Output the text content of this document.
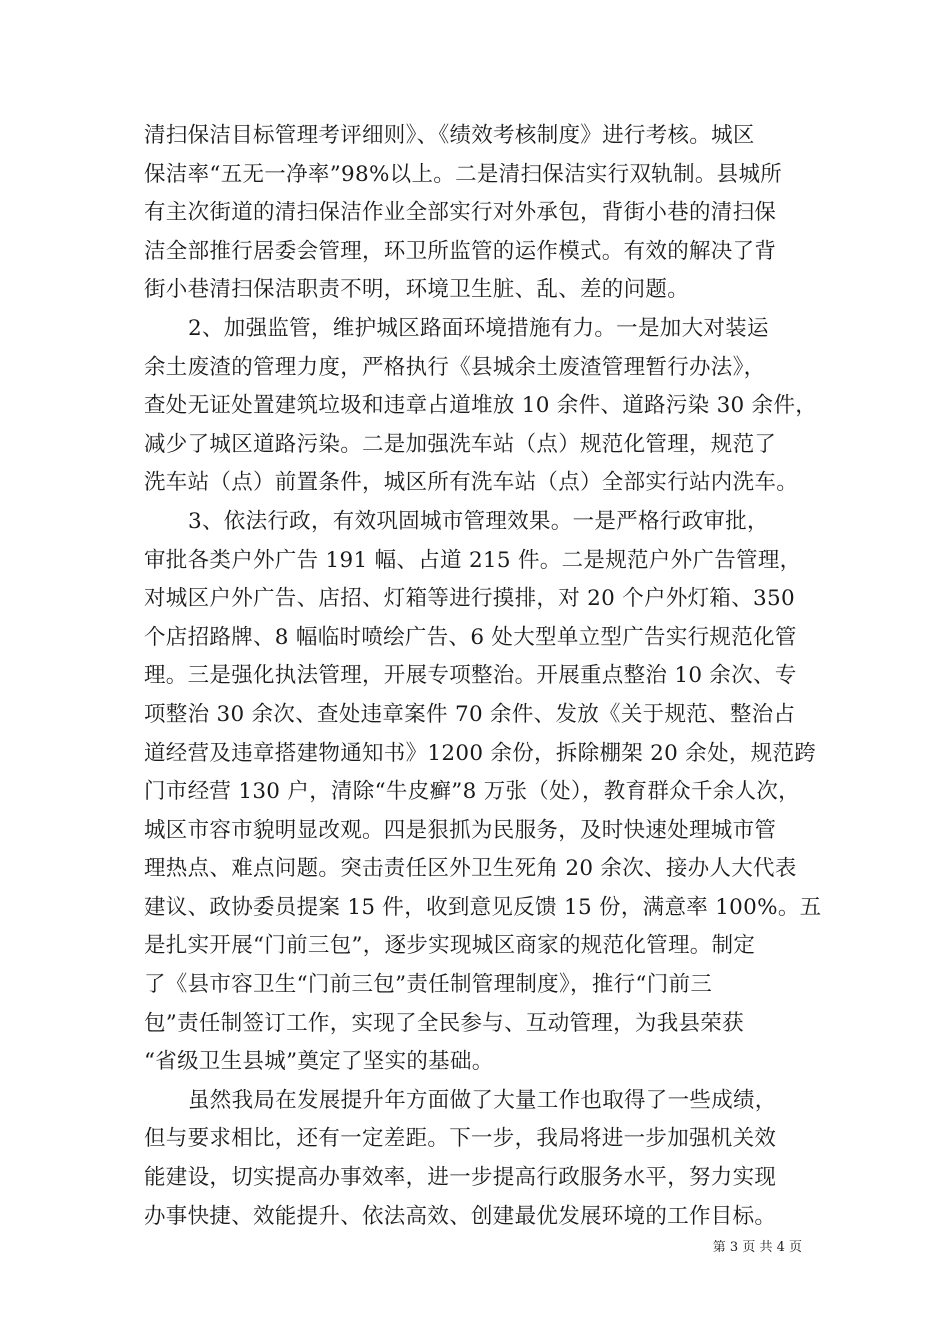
清扫保洁目标管理考评细则》、《绩效考核制度》进行考核。城区
保洁率“五无一净率”98%以上。二是清扫保洁实行双轨制。县城所
有主次街道的清扫保洁作业全部实行对外承包，背街小巷的清扫保
洁全部推行居委会管理，环卫所监管的运作模式。有效的解决了背
街小巷清扫保洁职责不明，环境卫生脏、乱、差的问题。
2、加强监管，维护城区路面环境措施有力。一是加大对装运
余土废渣的管理力度，严格执行《县城余土废渣管理暂行办法》，
查处无证处置建筑垃圾和违章占道堆放 10 余件、道路污染 30 余件，
减少了城区道路污染。二是加强洗车站（点）规范化管理，规范了
洗车站（点）前置条件，城区所有洗车站（点）全部实行站内洗车。
3、依法行政，有效巩固城市管理效果。一是严格行政审批，
审批各类户外广告 191 幅、占道 215 件。二是规范户外广告管理，
对城区户外广告、店招、灯箱等进行摸排，对 20 个户外灯箱、350
个店招路牌、8 幅临时喷绘广告、6 处大型单立型广告实行规范化管
理。三是强化执法管理，开展专项整治。开展重点整治 10 余次、专
项整治 30 余次、查处违章案件 70 余件、发放《关于规范、整治占
道经营及违章搭建物通知书》1200 余份，拆除棚架 20 余处，规范跨
门市经营 130 户，清除“牛皮癣”8 万张（处），教育群众千余人次，
城区市容市貌明显改观。四是狠抓为民服务，及时快速处理城市管
理热点、难点问题。突击责任区外卫生死角 20 余次、接办人大代表
建议、政协委员提案 15 件，收到意见反馈 15 份，满意率 100%。五
是扎实开展“门前三包”，逐步实现城区商家的规范化管理。制定
了《县市容卫生“门前三包”责任制管理制度》，推行“门前三
包”责任制签订工作，实现了全民参与、互动管理，为我县荣获
“省级卫生县城”奠定了坚实的基础。
虽然我局在发展提升年方面做了大量工作也取得了一些成绩，
但与要求相比，还有一定差距。下一步，我局将进一步加强机关效
能建设，切实提高办事效率，进一步提高行政服务水平，努力实现
办事快捷、效能提升、依法高效、创建最优发展环境的工作目标。
第 3 页 共 4 页
